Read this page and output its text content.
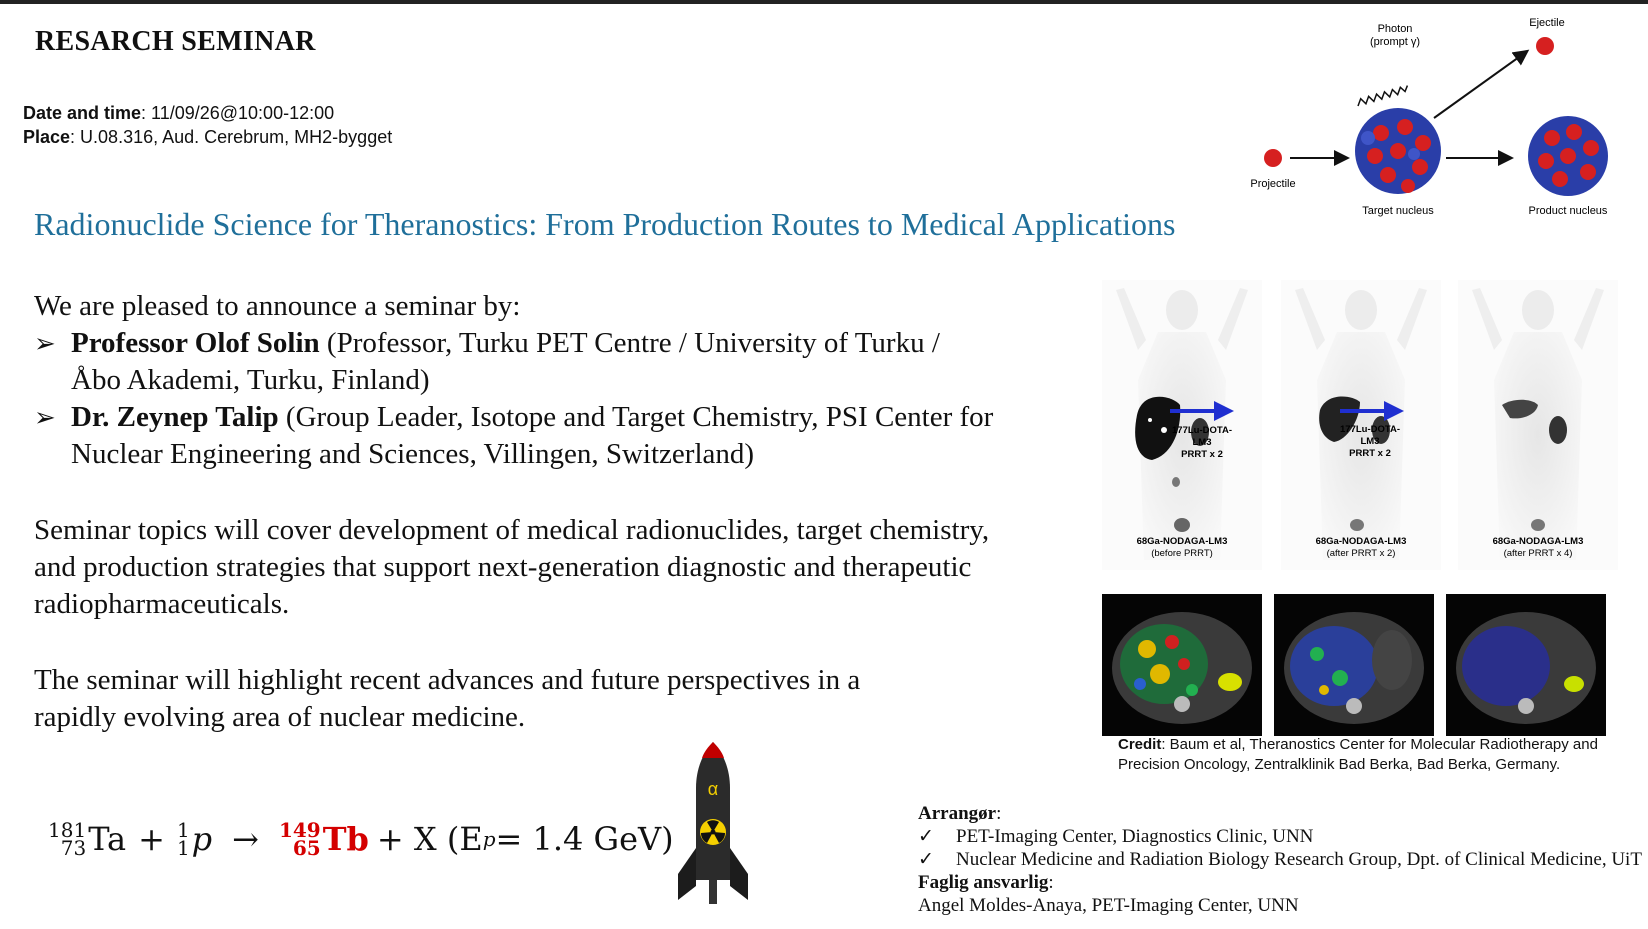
RESARCH SEMINAR
Date and time: 11/09/26@10:00-12:00
Place: U.08.316, Aud. Cerebrum, MH2-bygget
Radionuclide Science for Theranostics: From Production Routes to Medical Applications
We are pleased to announce a seminar by:
➢ Professor Olof Solin (Professor, Turku PET Centre / University of Turku / Åbo Akademi, Turku, Finland)
➢ Dr. Zeynep Talip (Group Leader, Isotope and Target Chemistry, PSI Center for Nuclear Engineering and Sciences, Villingen, Switzerland)
Seminar topics will cover development of medical radionuclides, target chemistry, and production strategies that support next-generation diagnostic and therapeutic radiopharmaceuticals.
The seminar will highlight recent advances and future perspectives in a rapidly evolving area of nuclear medicine.
181
73 Ta + 1
1 p → 149
65 Tb + X (E p = 1.4 GeV)
α
Projectile
Target nucleus
Photon
(prompt γ)
Ejectile
Product nucleus
177Lu-DOTA-
LM3
PRRT x 2
177Lu-DOTA-
LM3
PRRT x 2
68Ga-NODAGA-LM3
(before PRRT)
68Ga-NODAGA-LM3
(after PRRT x 2)
68Ga-NODAGA-LM3
(after PRRT x 4)
Credit: Baum et al, Theranostics Center for Molecular Radiotherapy and Precision Oncology, Zentralklinik Bad Berka, Bad Berka, Germany.
Arrangør:
✓	PET-Imaging Center, Diagnostics Clinic, UNN
✓	Nuclear Medicine and Radiation Biology Research Group, Dpt. of Clinical Medicine, UiT
Faglig ansvarlig:
Angel Moldes-Anaya, PET-Imaging Center, UNN
